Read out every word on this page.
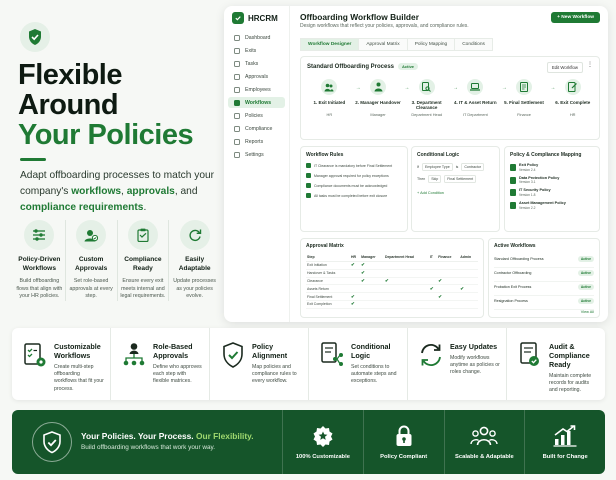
Flexible
Around
Your Policies
Adapt offboarding processes to match your company's workflows, approvals, and compliance requirements.
Policy-Driven Workflows
Build offboarding flows that align with your HR policies.
Custom Approvals
Set role-based approvals at every step.
Compliance Ready
Ensure every exit meets internal and legal requirements.
Easily Adaptable
Update processes as your policies evolve.
HRCRM
Dashboard
Exits
Tasks
Approvals
Employees
Workflows
Policies
Compliance
Reports
Settings
Offboarding Workflow Builder
Design workflows that reflect your policies, approvals, and compliance rules.
+ New Workflow
Workflow Designer	Approval Matrix	Policy Mapping	Conditions
Standard Offboarding Process	Active	Edit Workflow	⋮
→
1. Exit Initiated
HR
→
2. Manager Handover
Manager
→
3. Department Clearance
Department Head
→
4. IT & Asset Return
IT Department
→
5. Final Settlement
Finance
6. Exit Complete
HR
Workflow Rules
IT Clearance is mandatory before Final Settlement
Manager approval required for policy exceptions
Compliance documents must be acknowledged
All tasks must be completed before exit closure
Conditional Logic
If	Employee Type	is	Contractor
Then	Skip	Final Settlement
+ Add Condition
Policy & Compliance Mapping
Exit Policy
Version 2.4
Data Protection Policy
Version 3.1
IT Security Policy
Version 1.8
Asset Management Policy
Version 2.2
Approval Matrix
Step	HR	Manager	Department Head	IT	Finance	Admin
Exit Initiation	✔	✔				
Handover & Tasks		✔				
Clearance		✔	✔		✔	
Assets Return				✔		✔
Final Settlement	✔				✔	
Exit Completion	✔					
Active Workflows
Standard Offboarding Process	Active
Contractor Offboarding	Active
Probation Exit Process	Active
Resignation Process	Active
View All
Customizable Workflows
Create multi-step offboarding workflows that fit your process.
Role-Based Approvals
Define who approves each step with flexible matrices.
Policy Alignment
Map policies and compliance rules to every workflow.
Conditional Logic
Set conditions to automate steps and exceptions.
Easy Updates
Modify workflows anytime as policies or roles change.
Audit & Compliance Ready
Maintain complete records for audits and reporting.
Your Policies. Your Process. Our Flexibility.
Build offboarding workflows that work your way.
100% Customizable	Policy Compliant	Scalable & Adaptable	Built for Change
